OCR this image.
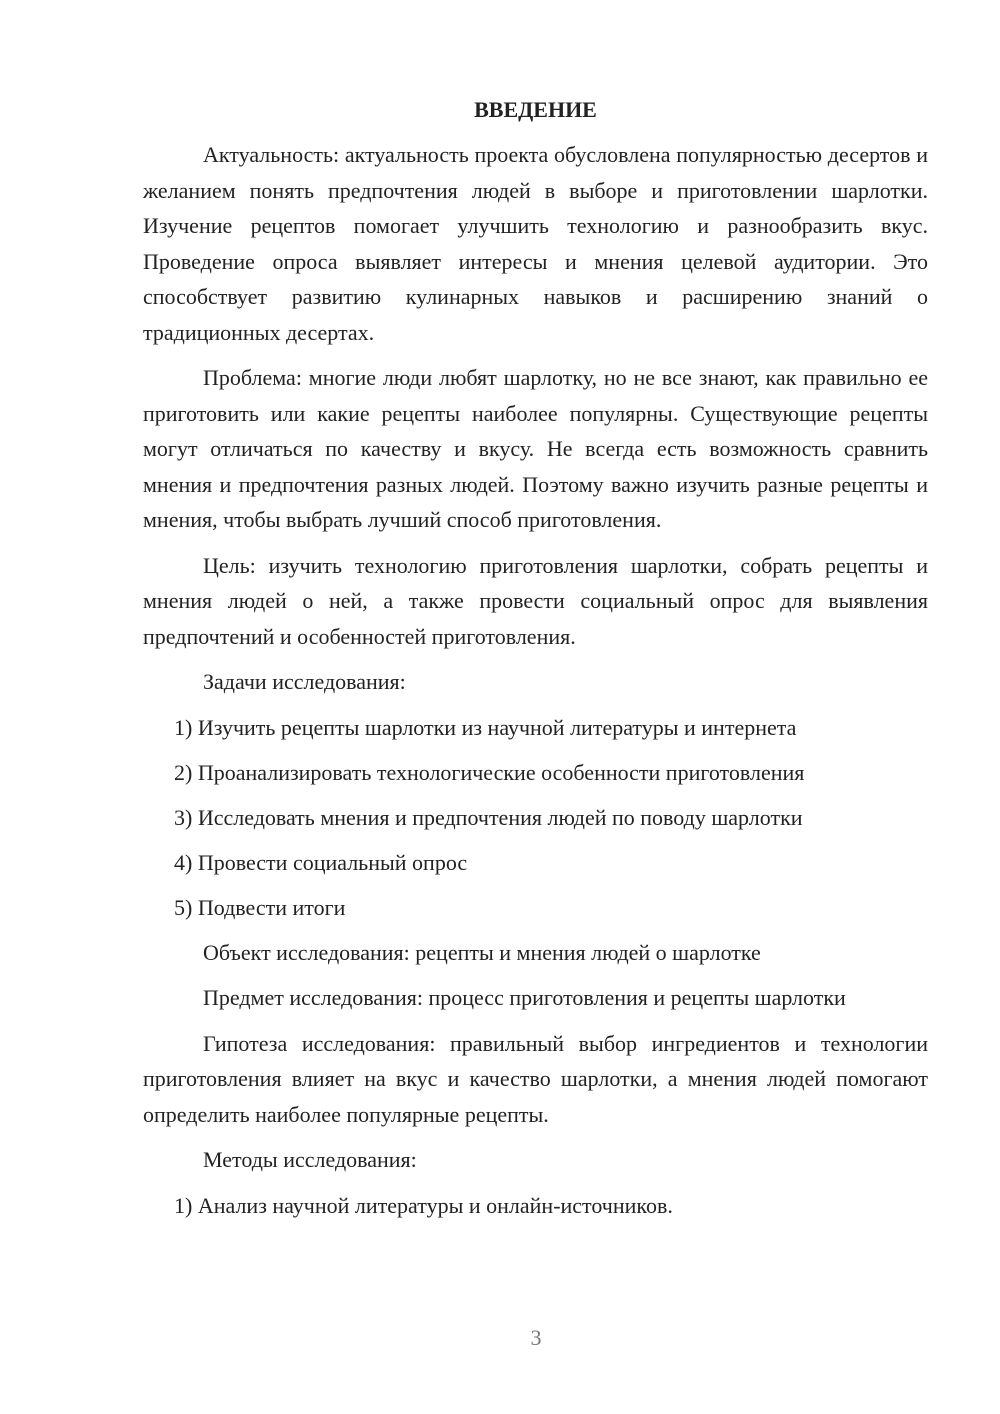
ВВЕДЕНИЕ

Актуальность: актуальность проекта обусловлена популярностью десертов и желанием понять предпочтения людей в выборе и приготовлении шарлотки. Изучение рецептов помогает улучшить технологию и разнообразить вкус. Проведение опроса выявляет интересы и мнения целевой аудитории. Это способствует развитию кулинарных навыков и расширению знаний о традиционных десертах.

Проблема: многие люди любят шарлотку, но не все знают, как правильно ее приготовить или какие рецепты наиболее популярны. Существующие рецепты могут отличаться по качеству и вкусу. Не всегда есть возможность сравнить мнения и предпочтения разных людей. Поэтому важно изучить разные рецепты и мнения, чтобы выбрать лучший способ приготовления.

Цель: изучить технологию приготовления шарлотки, собрать рецепты и мнения людей о ней, а также провести социальный опрос для выявления предпочтений и особенностей приготовления.

Задачи исследования:

1) Изучить рецепты шарлотки из научной литературы и интернета

2) Проанализировать технологические особенности приготовления

3) Исследовать мнения и предпочтения людей по поводу шарлотки

4) Провести социальный опрос

5) Подвести итоги

Объект исследования: рецепты и мнения людей о шарлотке

Предмет исследования: процесс приготовления и рецепты шарлотки

Гипотеза исследования: правильный выбор ингредиентов и технологии приготовления влияет на вкус и качество шарлотки, а мнения людей помогают определить наиболее популярные рецепты.

Методы исследования:

1) Анализ научной литературы и онлайн-источников.

3
